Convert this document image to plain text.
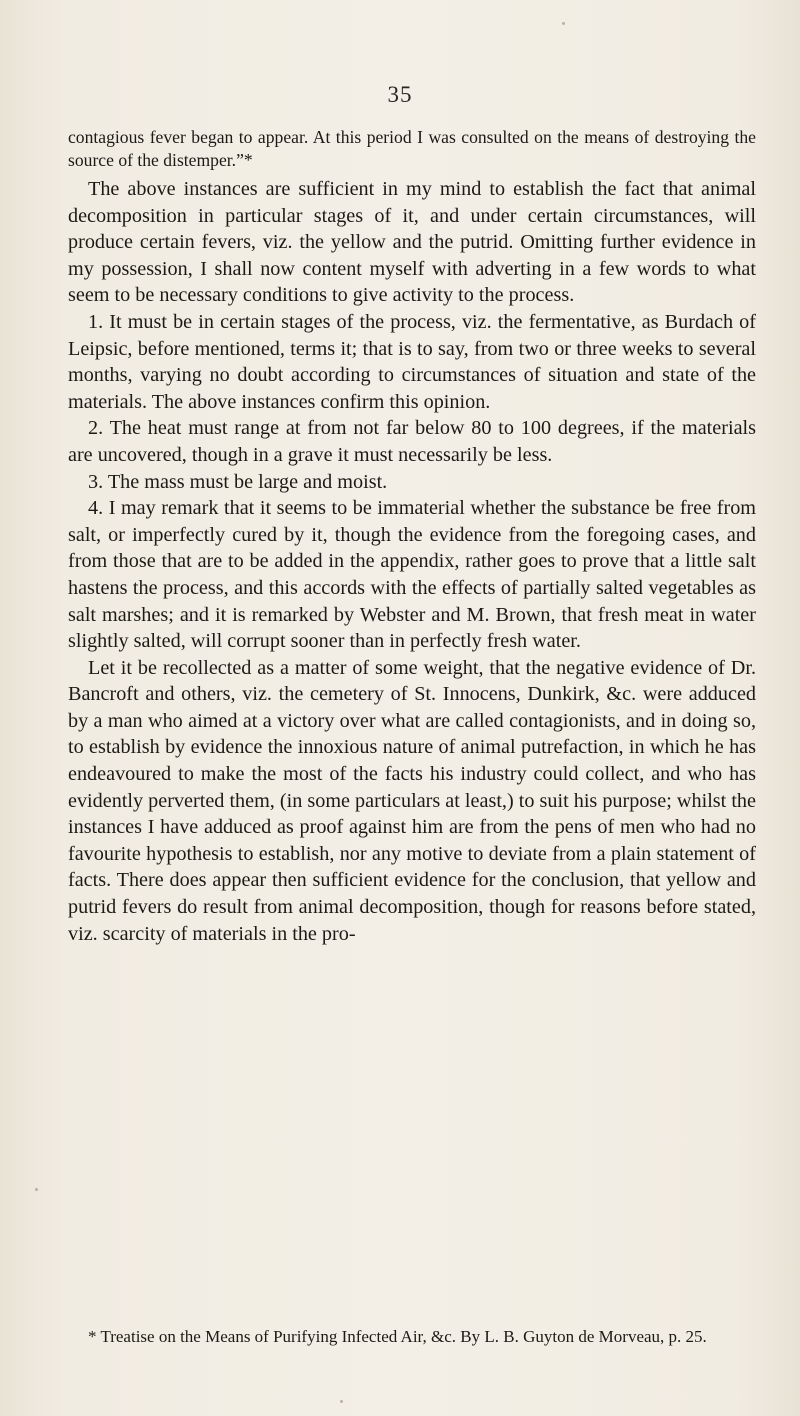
35

contagious fever began to appear. At this period I was consulted on the means of destroying the source of the distemper.”*

The above instances are sufficient in my mind to establish the fact that animal decomposition in particular stages of it, and under certain circumstances, will produce certain fevers, viz. the yellow and the putrid. Omitting further evidence in my possession, I shall now content myself with adverting in a few words to what seem to be necessary conditions to give activity to the process.

1. It must be in certain stages of the process, viz. the fermentative, as Burdach of Leipsic, before mentioned, terms it; that is to say, from two or three weeks to several months, varying no doubt according to circumstances of situation and state of the materials. The above instances confirm this opinion.

2. The heat must range at from not far below 80 to 100 degrees, if the materials are uncovered, though in a grave it must necessarily be less.

3. The mass must be large and moist.

4. I may remark that it seems to be immaterial whether the substance be free from salt, or imperfectly cured by it, though the evidence from the foregoing cases, and from those that are to be added in the appendix, rather goes to prove that a little salt hastens the process, and this accords with the effects of partially salted vegetables as salt marshes; and it is remarked by Webster and M. Brown, that fresh meat in water slightly salted, will corrupt sooner than in perfectly fresh water.

Let it be recollected as a matter of some weight, that the negative evidence of Dr. Bancroft and others, viz. the cemetery of St. Innocens, Dunkirk, &c. were adduced by a man who aimed at a victory over what are called contagionists, and in doing so, to establish by evidence the innoxious nature of animal putrefaction, in which he has endeavoured to make the most of the facts his industry could collect, and who has evidently perverted them, (in some particulars at least,) to suit his purpose; whilst the instances I have adduced as proof against him are from the pens of men who had no favourite hypothesis to establish, nor any motive to deviate from a plain statement of facts. There does appear then sufficient evidence for the conclusion, that yellow and putrid fevers do result from animal decomposition, though for reasons before stated, viz. scarcity of materials in the pro-

* Treatise on the Means of Purifying Infected Air, &c. By L. B. Guyton de Morveau, p. 25.
